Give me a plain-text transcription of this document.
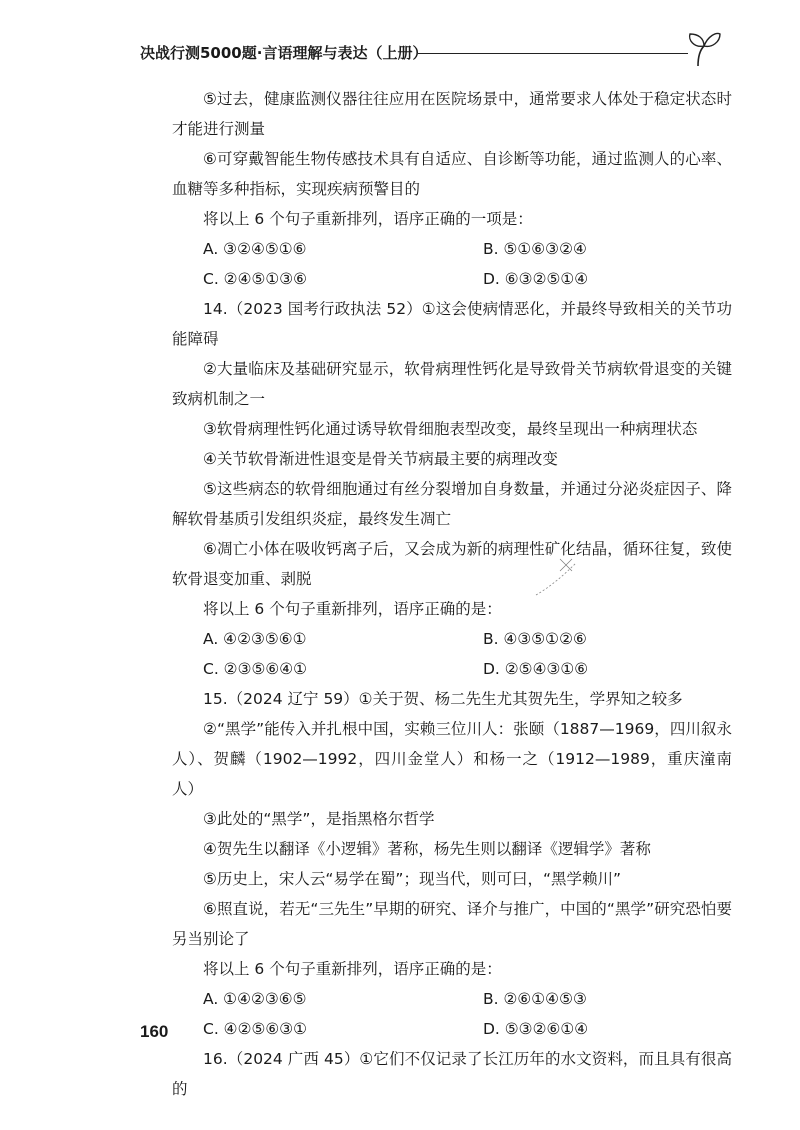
决战行测5000题·言语理解与表达（上册）

⑤过去，健康监测仪器往往应用在医院场景中，通常要求人体处于稳定状态时才能进行测量

⑥可穿戴智能生物传感技术具有自适应、自诊断等功能，通过监测人的心率、血糖等多种指标，实现疾病预警目的

将以上 6 个句子重新排列，语序正确的一项是：

A. ③②④⑤①⑥	B. ⑤①⑥③②④
C. ②④⑤①③⑥	D. ⑥③②⑤①④

14.（2023 国考行政执法 52）①这会使病情恶化，并最终导致相关的关节功能障碍

②大量临床及基础研究显示，软骨病理性钙化是导致骨关节病软骨退变的关键致病机制之一

③软骨病理性钙化通过诱导软骨细胞表型改变，最终呈现出一种病理状态

④关节软骨渐进性退变是骨关节病最主要的病理改变

⑤这些病态的软骨细胞通过有丝分裂增加自身数量，并通过分泌炎症因子、降解软骨基质引发组织炎症，最终发生凋亡

⑥凋亡小体在吸收钙离子后，又会成为新的病理性矿化结晶，循环往复，致使软骨退变加重、剥脱

将以上 6 个句子重新排列，语序正确的是：

A. ④②③⑤⑥①	B. ④③⑤①②⑥
C. ②③⑤⑥④①	D. ②⑤④③①⑥

15.（2024 辽宁 59）①关于贺、杨二先生尤其贺先生，学界知之较多

②“黑学”能传入并扎根中国，实赖三位川人：张颐（1887—1969，四川叙永人）、贺麟（1902—1992，四川金堂人）和杨一之（1912—1989，重庆潼南人）

③此处的“黑学”，是指黑格尔哲学

④贺先生以翻译《小逻辑》著称，杨先生则以翻译《逻辑学》著称

⑤历史上，宋人云“易学在蜀”；现当代，则可曰，“黑学赖川”

⑥照直说，若无“三先生”早期的研究、译介与推广，中国的“黑学”研究恐怕要另当别论了

将以上 6 个句子重新排列，语序正确的是：

A. ①④②③⑥⑤	B. ②⑥①④⑤③
C. ④②⑤⑥③①	D. ⑤③②⑥①④

16.（2024 广西 45）①它们不仅记录了长江历年的水文资料，而且具有很高的

160
